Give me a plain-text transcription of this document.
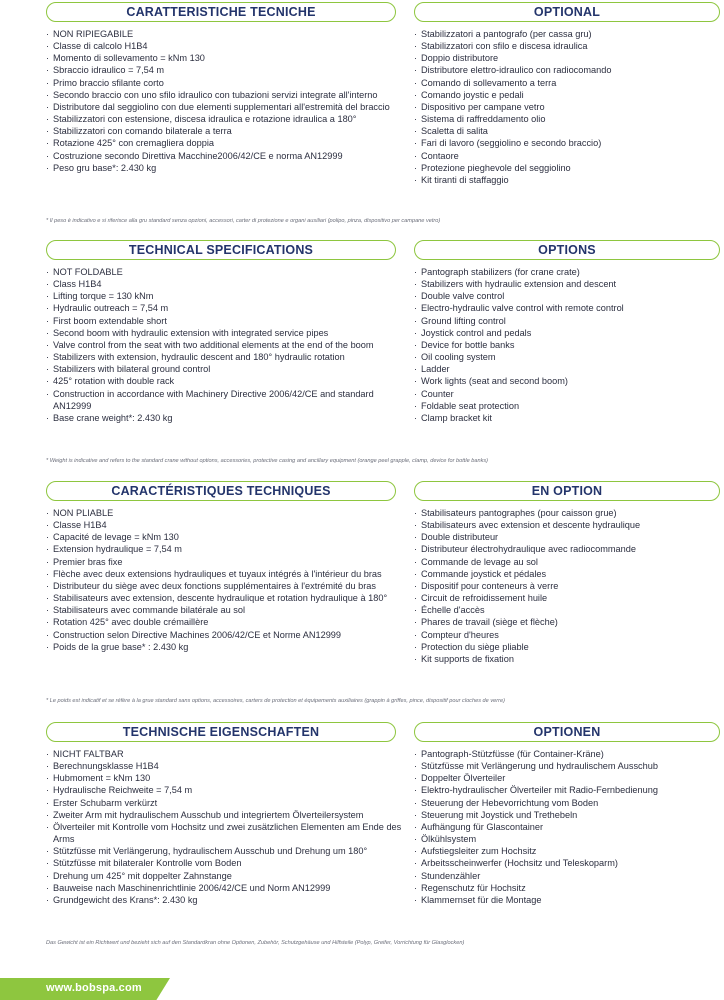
CARATTERISTICHE TECNICHE
· NON RIPIEGABILE
· Classe di calcolo H1B4
· Momento di sollevamento = kNm 130
· Sbraccio idraulico = 7,54 m
· Primo braccio sfilante corto
· Secondo braccio con uno sfilo idraulico con tubazioni servizi integrate all'interno
· Distributore dal seggiolino con due elementi supplementari all'estremità del braccio
· Stabilizzatori con estensione, discesa idraulica e rotazione idraulica a 180°
· Stabilizzatori con comando bilaterale a terra
· Rotazione 425° con cremagliera doppia
· Costruzione secondo Direttiva Macchine2006/42/CE e norma AN12999
· Peso gru base*: 2.430 kg
OPTIONAL
· Stabilizzatori a pantografo (per cassa gru)
· Stabilizzatori con sfilo e discesa idraulica
· Doppio distributore
· Distributore elettro-idraulico con radiocomando
· Comando di sollevamento a terra
· Comando joystic e pedali
· Dispositivo per campane vetro
· Sistema di raffreddamento olio
· Scaletta di salita
· Fari di lavoro (seggiolino e secondo braccio)
· Contaore
· Protezione pieghevole del seggiolino
· Kit tiranti di staffaggio
* Il peso è indicativo e si riferisce alla gru standard senza opzioni, accessori, carter di protezione e organi ausiliari (polipo, pinza, dispositivo per campane vetro)
TECHNICAL SPECIFICATIONS
· NOT FOLDABLE
· Class H1B4
· Lifting torque = 130 kNm
· Hydraulic outreach = 7,54 m
· First boom extendable short
· Second boom with hydraulic extension with integrated service pipes
· Valve control from the seat with two additional elements at the end of the boom
· Stabilizers with extension, hydraulic descent and 180° hydraulic rotation
· Stabilizers with bilateral ground control
· 425° rotation with double rack
· Construction in accordance with Machinery Directive 2006/42/CE and standard AN12999
· Base crane weight*: 2.430 kg
OPTIONS
· Pantograph stabilizers (for crane crate)
· Stabilizers with hydraulic extension and descent
· Double valve control
· Electro-hydraulic valve control with remote control
· Ground lifting control
· Joystick control and pedals
· Device for bottle banks
· Oil cooling system
· Ladder
· Work lights (seat and second boom)
· Counter
· Foldable seat protection
· Clamp bracket kit
* Weight is indicative and refers to the standard crane without options, accessories, protective casing and ancillary equipment (orange peel grapple, clamp, device for bottle banks)
CARACTÉRISTIQUES TECHNIQUES
· NON PLIABLE
· Classe H1B4
· Capacité de levage = kNm 130
· Extension hydraulique = 7,54 m
· Premier bras fixe
· Flèche avec deux extensions hydrauliques et tuyaux intégrés à l'intérieur du bras
· Distributeur du siège avec deux fonctions supplémentaires à l'extrémité du bras
· Stabilisateurs avec extension, descente hydraulique et rotation hydraulique à 180°
· Stabilisateurs avec commande bilatérale au sol
· Rotation 425° avec double crémaillère
· Construction selon Directive Machines 2006/42/CE et Norme AN12999
· Poids de la grue base* : 2.430 kg
EN OPTION
· Stabilisateurs pantographes (pour caisson grue)
· Stabilisateurs avec extension et descente hydraulique
· Double distributeur
· Distributeur électrohydraulique avec radiocommande
· Commande de levage au sol
· Commande joystick et pédales
· Dispositif pour conteneurs à verre
· Circuit de refroidissement huile
· Échelle d'accès
· Phares de travail (siège et flèche)
· Compteur d'heures
· Protection du siège pliable
· Kit supports de fixation
* Le poids est indicatif et se réfère à la grue standard sans options, accessoires, carters de protection et équipements auxiliaires (grappin à griffes, pince, dispositif pour cloches de verre)
TECHNISCHE EIGENSCHAFTEN
· NICHT FALTBAR
· Berechnungsklasse H1B4
· Hubmoment = kNm 130
· Hydraulische Reichweite = 7,54 m
· Erster Schubarm verkürzt
· Zweiter Arm mit hydraulischem Ausschub und integriertem Ölverteilersystem
· Ölverteiler mit Kontrolle vom Hochsitz und zwei zusätzlichen Elementen am Ende des Arms
· Stützfüsse mit Verlängerung, hydraulischem Ausschub und Drehung um 180°
· Stützfüsse mit bilateraler Kontrolle vom Boden
· Drehung um 425° mit doppelter Zahnstange
· Bauweise nach Maschinenrichtlinie 2006/42/CE und Norm AN12999
· Grundgewicht des Krans*: 2.430 kg
OPTIONEN
· Pantograph-Stützfüsse (für Container-Kräne)
· Stützfüsse mit Verlängerung und hydraulischem Ausschub
· Doppelter Ölverteiler
· Elektro-hydraulischer Ölverteiler mit Radio-Fernbedienung
· Steuerung der Hebevorrichtung vom Boden
· Steuerung mit Joystick und Trethebeln
· Aufhängung für Glascontainer
· Ölkühlsystem
· Aufstiegsleiter zum Hochsitz
· Arbeitsscheinwerfer (Hochsitz und Teleskoparm)
· Stundenzähler
· Regenschutz für Hochsitz
· Klammernset für die Montage
Das Gewicht ist ein Richtwert und bezieht sich auf den Standardkran ohne Optionen, Zubehör, Schutzgehäuse und Hilfsteile (Polyp, Greifer, Vorrichtung für Glasglocken)
www.bobspa.com
